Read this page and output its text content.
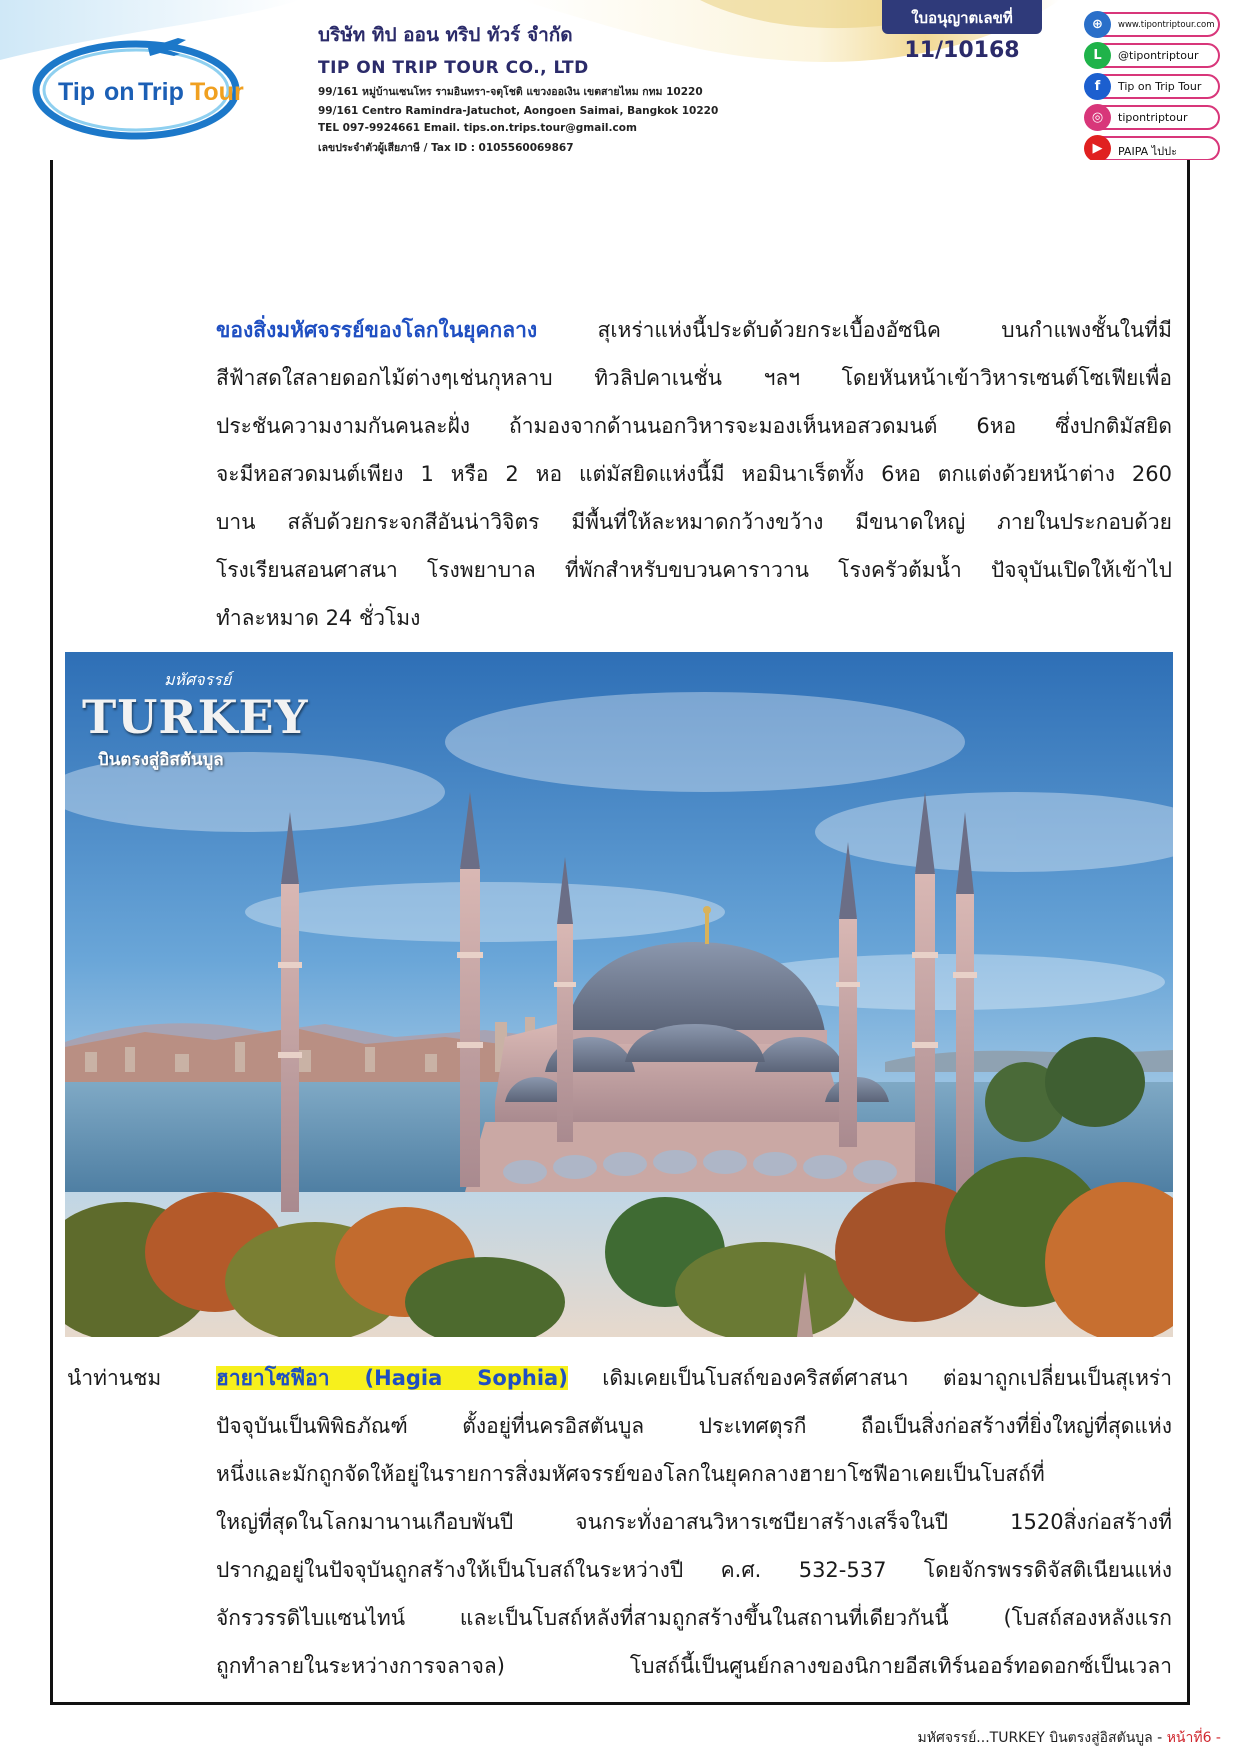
Tip on Trip Tour
บริษัท ทิป ออน ทริป ทัวร์ จำกัด
TIP ON TRIP TOUR CO., LTD
99/161 หมู่บ้านเซนโทร รามอินทรา-จตุโชติ แขวงออเงิน เขตสายไหม กทม 10220
99/161 Centro Ramindra-Jatuchot, Aongoen Saimai, Bangkok 10220
TEL 097-9924661 Email. tips.on.trips.tour@gmail.com
เลขประจำตัวผู้เสียภาษี / Tax ID : 0105560069867
ใบอนุญาตเลขที่
11/10168
⊕	www.tipontriptour.com
L	@tipontriptour
f	Tip on Trip Tour
◎	tipontriptour
▶	PAIPA ไปปะ
ของสิ่งมหัศจรรย์ของโลกในยุคกลาง สุเหร่าแห่งนี้ประดับด้วยกระเบื้องอัซนิค บนกำแพงชั้นในที่มี
สีฟ้าสดใสลายดอกไม้ต่างๆเช่นกุหลาบ ทิวลิปคาเนชั่น ฯลฯ โดยหันหน้าเข้าวิหารเซนต์โซเฟียเพื่อ
ประชันความงามกันคนละฝั่ง ถ้ามองจากด้านนอกวิหารจะมองเห็นหอสวดมนต์ 6หอ ซึ่งปกติมัสยิด
จะมีหอสวดมนต์เพียง 1 หรือ 2 หอ แต่มัสยิดแห่งนี้มี หอมินาเร็ตทั้ง 6หอ ตกแต่งด้วยหน้าต่าง 260
บาน สลับด้วยกระจกสีอันน่าวิจิตร มีพื้นที่ให้ละหมาดกว้างขว้าง มีขนาดใหญ่ ภายในประกอบด้วย
โรงเรียนสอนศาสนา โรงพยาบาล ที่พักสำหรับขบวนคาราวาน โรงครัวต้มน้ำ ปัจจุบันเปิดให้เข้าไป
ทำละหมาด 24 ชั่วโมง
มหัศจรรย์
TURKEY
บินตรงสู่อิสตันบูล
นำท่านชม	ฮายาโซฟีอา (Hagia Sophia) เดิมเคยเป็นโบสถ์ของคริสต์ศาสนา ต่อมาถูกเปลี่ยนเป็นสุเหร่า
ปัจจุบันเป็นพิพิธภัณฑ์ ตั้งอยู่ที่นครอิสตันบูล ประเทศตุรกี ถือเป็นสิ่งก่อสร้างที่ยิ่งใหญ่ที่สุดแห่ง
หนึ่งและมักถูกจัดให้อยู่ในรายการสิ่งมหัศจรรย์ของโลกในยุคกลางฮายาโซฟีอาเคยเป็นโบสถ์ที่
ใหญ่ที่สุดในโลกมานานเกือบพันปี จนกระทั่งอาสนวิหารเซบียาสร้างเสร็จในปี 1520สิ่งก่อสร้างที่
ปรากฏอยู่ในปัจจุบันถูกสร้างให้เป็นโบสถ์ในระหว่างปี ค.ศ. 532-537 โดยจักรพรรดิจัสติเนียนแห่ง
จักรวรรดิไบแซนไทน์ และเป็นโบสถ์หลังที่สามถูกสร้างขึ้นในสถานที่เดียวกันนี้ (โบสถ์สองหลังแรก
ถูกทำลายในระหว่างการจลาจล) โบสถ์นี้เป็นศูนย์กลางของนิกายอีสเทิร์นออร์ทอดอกซ์เป็นเวลา
มหัศจรรย์...TURKEY บินตรงสู่อิสตันบูล - หน้าที่6 -
